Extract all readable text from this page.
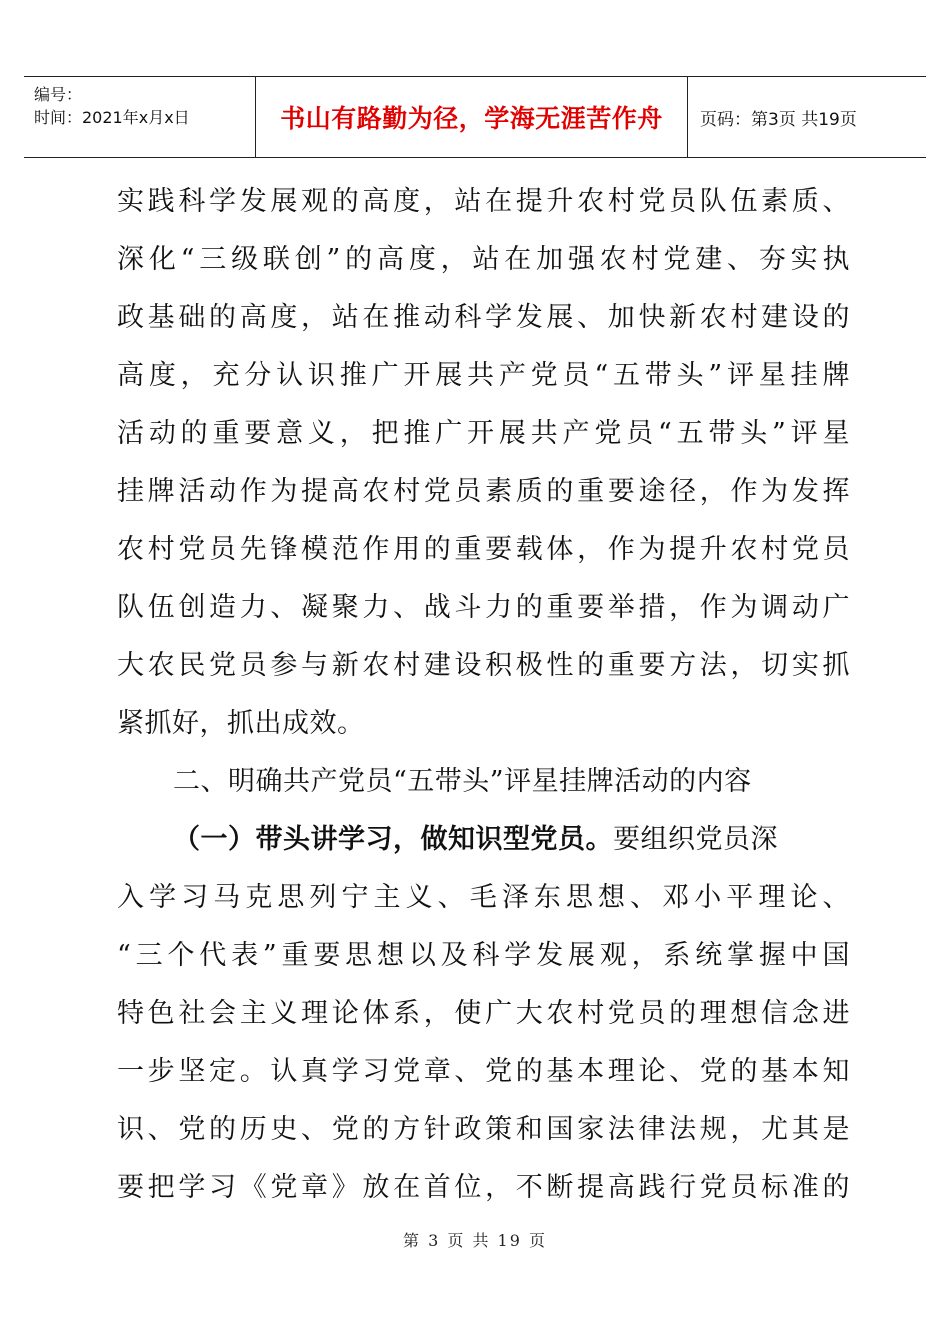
编号：
时间：2021年x月x日	书山有路勤为径，学海无涯苦作舟 页码：第3页 共19页
实践科学发展观的高度，站在提升农村党员队伍素质、
深化“三级联创”的高度，站在加强农村党建、夯实执
政基础的高度，站在推动科学发展、加快新农村建设的
高度，充分认识推广开展共产党员“五带头”评星挂牌
活动的重要意义，把推广开展共产党员“五带头”评星
挂牌活动作为提高农村党员素质的重要途径，作为发挥
农村党员先锋模范作用的重要载体，作为提升农村党员
队伍创造力、凝聚力、战斗力的重要举措，作为调动广
大农民党员参与新农村建设积极性的重要方法，切实抓
紧抓好，抓出成效。
二、明确共产党员“五带头”评星挂牌活动的内容
（一）带头讲学习，做知识型党员。要组织党员深
入学习马克思列宁主义、毛泽东思想、邓小平理论、
“三个代表”重要思想以及科学发展观，系统掌握中国
特色社会主义理论体系，使广大农村党员的理想信念进
一步坚定。认真学习党章、党的基本理论、党的基本知
识、党的历史、党的方针政策和国家法律法规，尤其是
要把学习《党章》放在首位，不断提高践行党员标准的
第 3 页 共 19 页
